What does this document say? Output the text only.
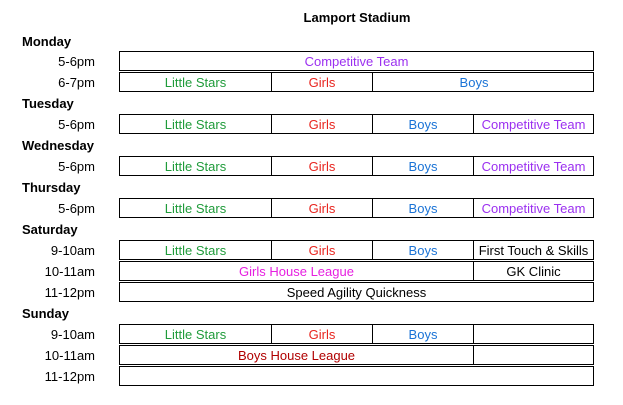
Lamport Stadium
Monday
5-6pm	Competitive Team
6-7pm	Little Stars	Girls	Boys
Tuesday
5-6pm	Little Stars	Girls	Boys	Competitive Team
Wednesday
5-6pm	Little Stars	Girls	Boys	Competitive Team
Thursday
5-6pm	Little Stars	Girls	Boys	Competitive Team
Saturday
9-10am	Little Stars	Girls	Boys	First Touch & Skills
10-11am	Girls House League	GK Clinic
11-12pm	Speed Agility Quickness
Sunday
9-10am	Little Stars	Girls	Boys
10-11am	Boys House League
11-12pm
